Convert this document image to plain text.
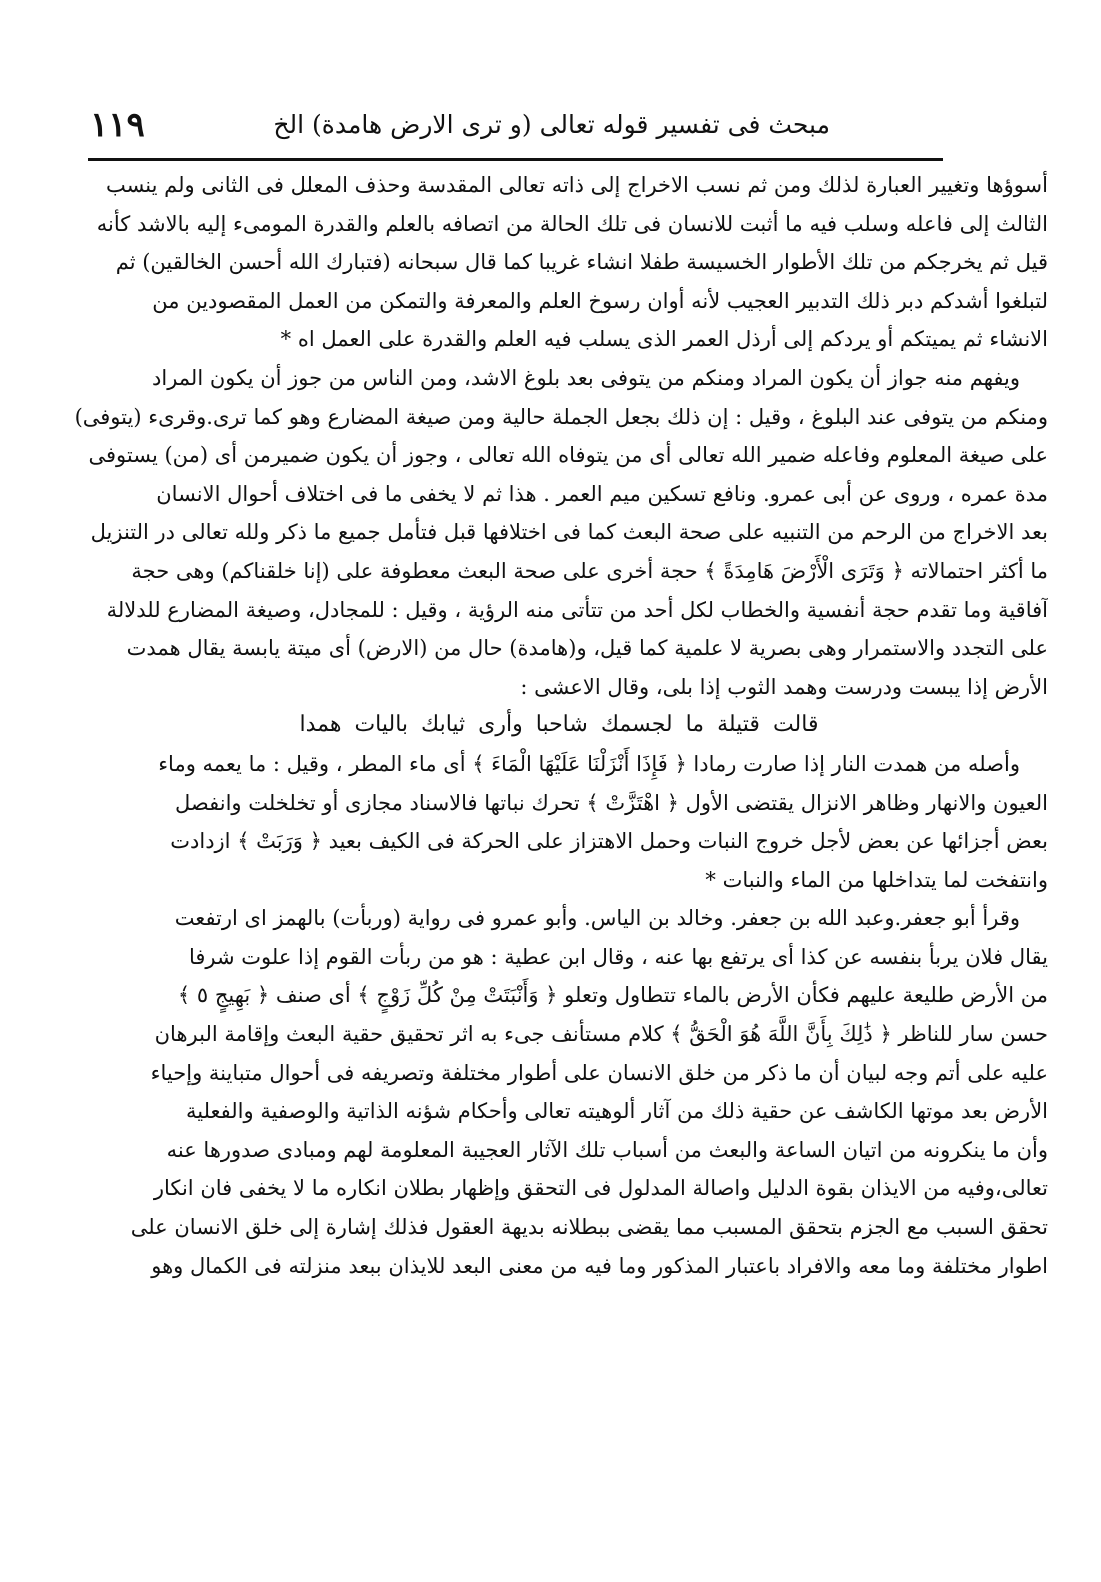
مبحث فى تفسير قوله تعالى (و ترى الارض هامدة) الخ
١١٩
أسوؤها وتغيير العبارة لذلك ومن ثم نسب الاخراج إلى ذاته تعالى المقدسة وحذف المعلل فى الثانى ولم ينسب
الثالث إلى فاعله وسلب فيه ما أثبت للانسان فى تلك الحالة من اتصافه بالعلم والقدرة المومىء إليه بالاشد كأنه
قيل ثم يخرجكم من تلك الأطوار الخسيسة طفلا انشاء غريبا كما قال سبحانه (فتبارك الله أحسن الخالقين) ثم
لتبلغوا أشدكم دبر ذلك التدبير العجيب لأنه أوان رسوخ العلم والمعرفة والتمكن من العمل المقصودين من
الانشاء ثم يميتكم أو يردكم إلى أرذل العمر الذى يسلب فيه العلم والقدرة على العمل اه *
ويفهم منه جواز أن يكون المراد ومنكم من يتوفى بعد بلوغ الاشد، ومن الناس من جوز أن يكون المراد
ومنكم من يتوفى عند البلوغ ، وقيل : إن ذلك بجعل الجملة حالية ومن صيغة المضارع وهو كما ترى.وقرىء (يتوفى)
على صيغة المعلوم وفاعله ضمير الله تعالى أى من يتوفاه الله تعالى ، وجوز أن يكون ضميرمن أى (من) يستوفى
مدة عمره ، وروى عن أبى عمرو. ونافع تسكين ميم العمر . هذا ثم لا يخفى ما فى اختلاف أحوال الانسان
بعد الاخراج من الرحم من التنبيه على صحة البعث كما فى اختلافها قبل فتأمل جميع ما ذكر ولله تعالى در التنزيل
ما أكثر احتمالاته ﴿ وَتَرَى الْأَرْضَ هَامِدَةً ﴾ حجة أخرى على صحة البعث معطوفة على (إنا خلقناكم) وهى حجة
آفاقية وما تقدم حجة أنفسية والخطاب لكل أحد من تتأتى منه الرؤية ، وقيل : للمجادل، وصيغة المضارع للدلالة
على التجدد والاستمرار وهى بصرية لا علمية كما قيل، و(هامدة) حال من (الارض) أى ميتة يابسة يقال همدت
الأرض إذا يبست ودرست وهمد الثوب إذا بلى، وقال الاعشى :
قالت قتيلة ما لجسمك شاحبا وأرى ثيابك باليات همدا
وأصله من همدت النار إذا صارت رمادا ﴿ فَإِذَا أَنْزَلْنَا عَلَيْهَا الْمَاءَ ﴾ أى ماء المطر ، وقيل : ما يعمه وماء
العيون والانهار وظاهر الانزال يقتضى الأول ﴿ اهْتَزَّتْ ﴾ تحرك نباتها فالاسناد مجازى أو تخلخلت وانفصل
بعض أجزائها عن بعض لأجل خروج النبات وحمل الاهتزاز على الحركة فى الكيف بعيد ﴿ وَرَبَتْ ﴾ ازدادت
وانتفخت لما يتداخلها من الماء والنبات *
وقرأ أبو جعفر.وعبد الله بن جعفر. وخالد بن الياس. وأبو عمرو فى رواية (وربأت) بالهمز اى ارتفعت
يقال فلان يربأ بنفسه عن كذا أى يرتفع بها عنه ، وقال ابن عطية : هو من ربأت القوم إذا علوت شرفا
من الأرض طليعة عليهم فكأن الأرض بالماء تتطاول وتعلو ﴿ وَأَنْبَتَتْ مِنْ كُلِّ زَوْجٍ ﴾ أى صنف ﴿ بَهِيجٍ ٥ ﴾
حسن سار للناظر ﴿ ذَٰلِكَ بِأَنَّ اللَّهَ هُوَ الْحَقُّ ﴾ كلام مستأنف جىء به اثر تحقيق حقية البعث وإقامة البرهان
عليه على أتم وجه لبيان أن ما ذكر من خلق الانسان على أطوار مختلفة وتصريفه فى أحوال متباينة وإحياء
الأرض بعد موتها الكاشف عن حقية ذلك من آثار ألوهيته تعالى وأحكام شؤنه الذاتية والوصفية والفعلية
وأن ما ينكرونه من اتيان الساعة والبعث من أسباب تلك الآثار العجيبة المعلومة لهم ومبادى صدورها عنه
تعالى،وفيه من الايذان بقوة الدليل واصالة المدلول فى التحقق وإظهار بطلان انكاره ما لا يخفى فان انكار
تحقق السبب مع الجزم بتحقق المسبب مما يقضى ببطلانه بديهة العقول فذلك إشارة إلى خلق الانسان على
اطوار مختلفة وما معه والافراد باعتبار المذكور وما فيه من معنى البعد للايذان ببعد منزلته فى الكمال وهو
